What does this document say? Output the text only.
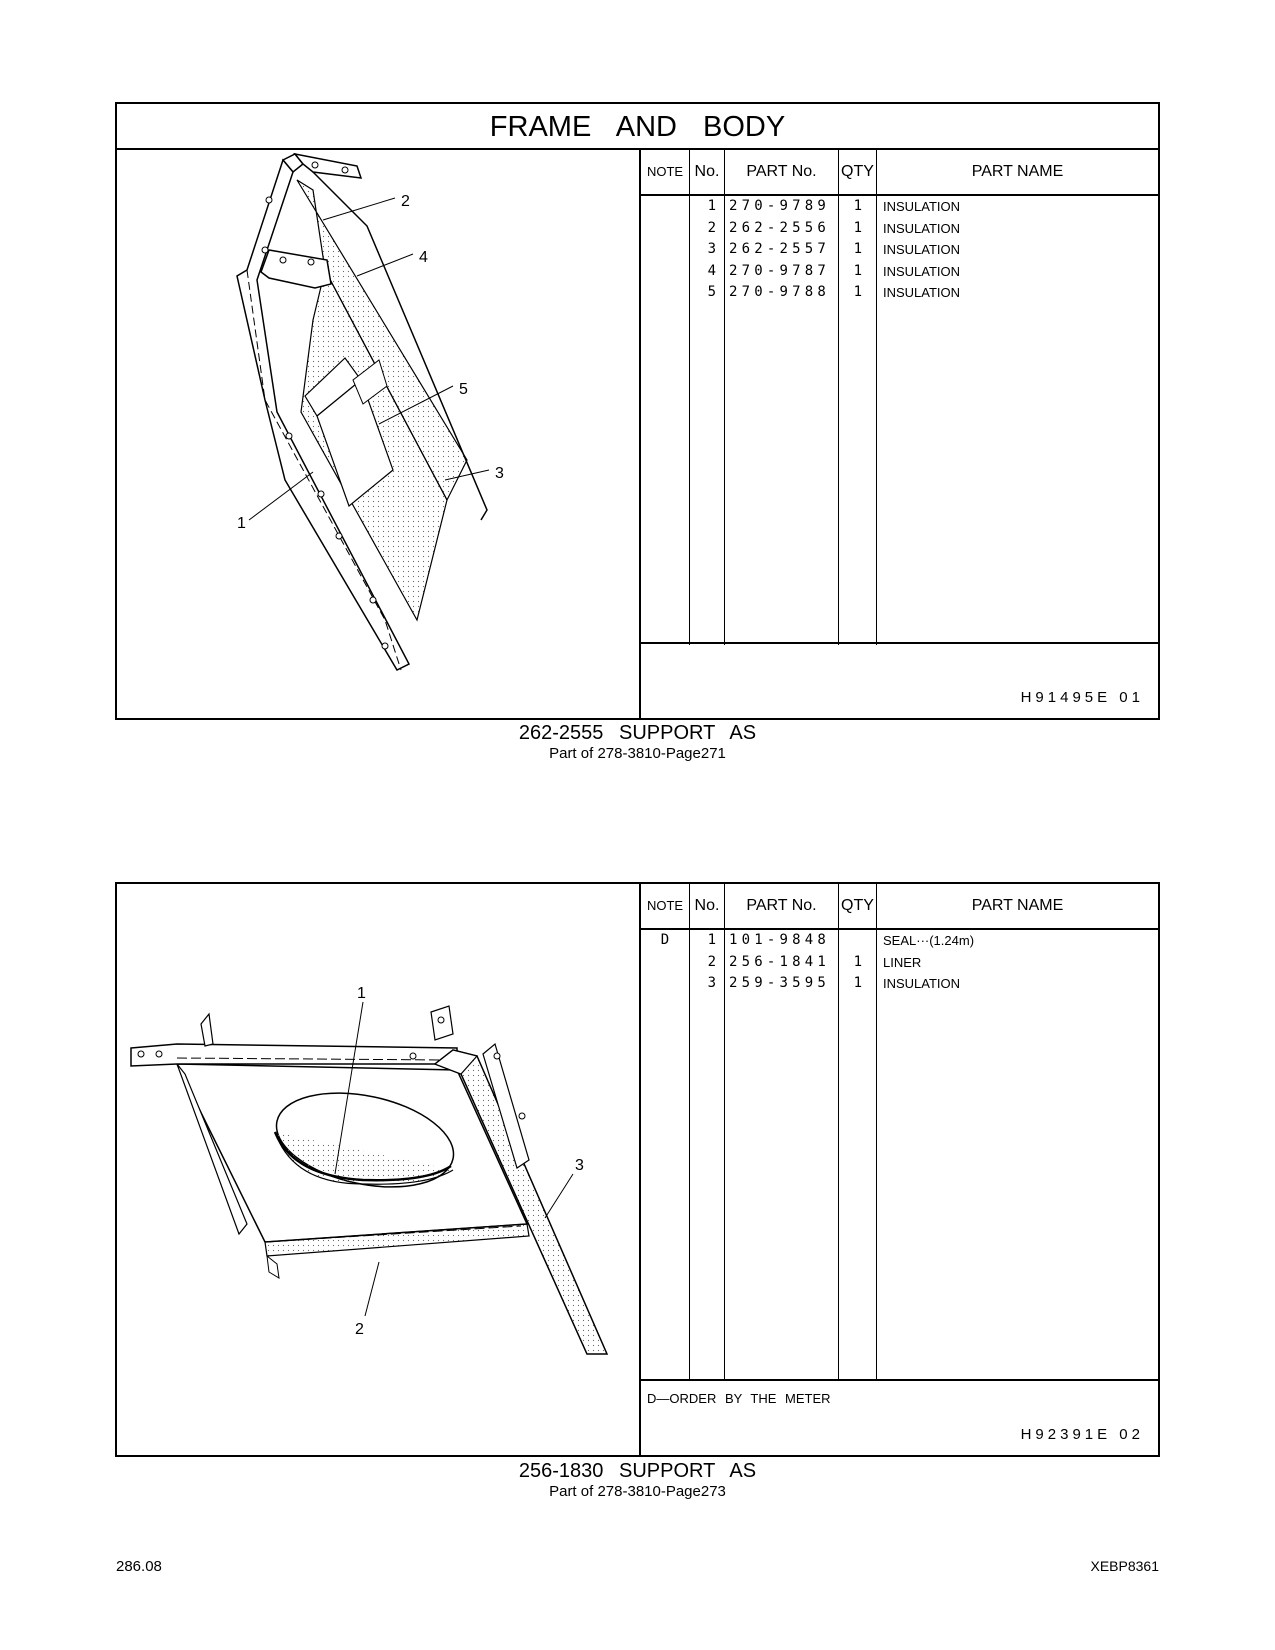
FRAME AND BODY
2
4
5
3
1
NOTE No.	PART No.	QTY	PART NAME
1 270-9789	1 INSULATION
2 262-2556	1 INSULATION
3 262-2557	1 INSULATION
4 270-9787	1 INSULATION
5 270-9788	1 INSULATION
H91495E 01
262-2555 SUPPORT AS
Part of 278-3810-Page271
1
2
3
NOTE No.	PART No.	QTY	PART NAME
D	1 101-9848	SEAL···(1.24m)
2 256-1841	1 LINER
3 259-3595	1 INSULATION
D—ORDER BY THE METER
H92391E 02
256-1830 SUPPORT AS
Part of 278-3810-Page273
286.08	XEBP8361
